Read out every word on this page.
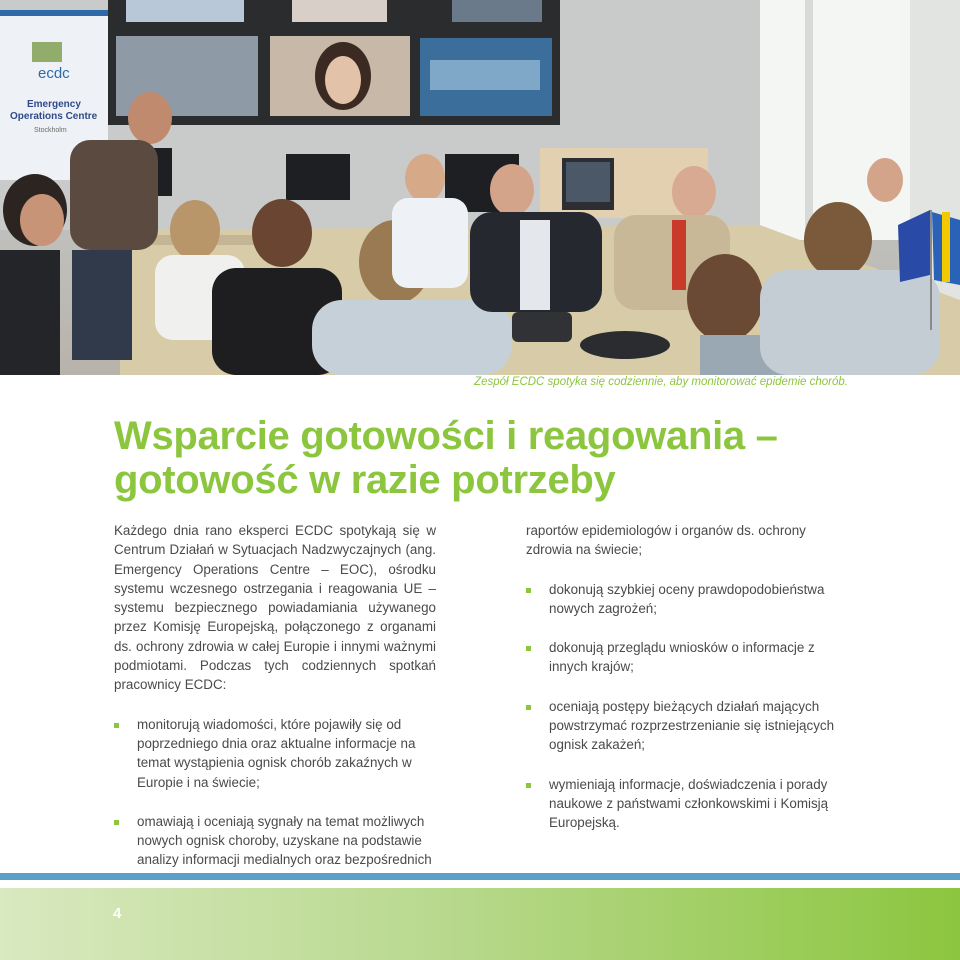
ecdc
Emergency
Operations Centre
Stockholm
Zespół ECDC spotyka się codziennie, aby monitorować epidemie chorób.
Wsparcie gotowości i reagowania –
gotowość w razie potrzeby

Każdego dnia rano eksperci ECDC spotykają się w Centrum Działań w Sytuacjach Nadzwyczajnych (ang. Emergency Operations Centre – EOC), ośrodku systemu wczesnego ostrzegania i reagowania UE – systemu bezpiecznego powiadamiania używanego przez Komisję Europejską, połączonego z organami ds. ochrony zdrowia w całej Europie i innymi ważnymi podmiotami. Podczas tych codziennych spotkań pracownicy ECDC:

monitorują wiadomości, które pojawiły się od poprzedniego dnia oraz aktualne informacje na temat wystąpienia ognisk chorób zakaźnych w Europie i na świecie;
omawiają i oceniają sygnały na temat możliwych nowych ognisk choroby, uzyskane na podstawie analizy informacji medialnych oraz bezpośrednich

raportów epidemiologów i organów ds. ochrony zdrowia na świecie;

dokonują szybkiej oceny prawdopodobieństwa nowych zagrożeń;
dokonują przeglądu wniosków o informacje z innych krajów;
oceniają postępy bieżących działań mających powstrzymać rozprzestrzenianie się istniejących ognisk zakażeń;
wymieniają informacje, doświadczenia i porady naukowe z państwami członkowskimi i Komisją Europejską.
4
